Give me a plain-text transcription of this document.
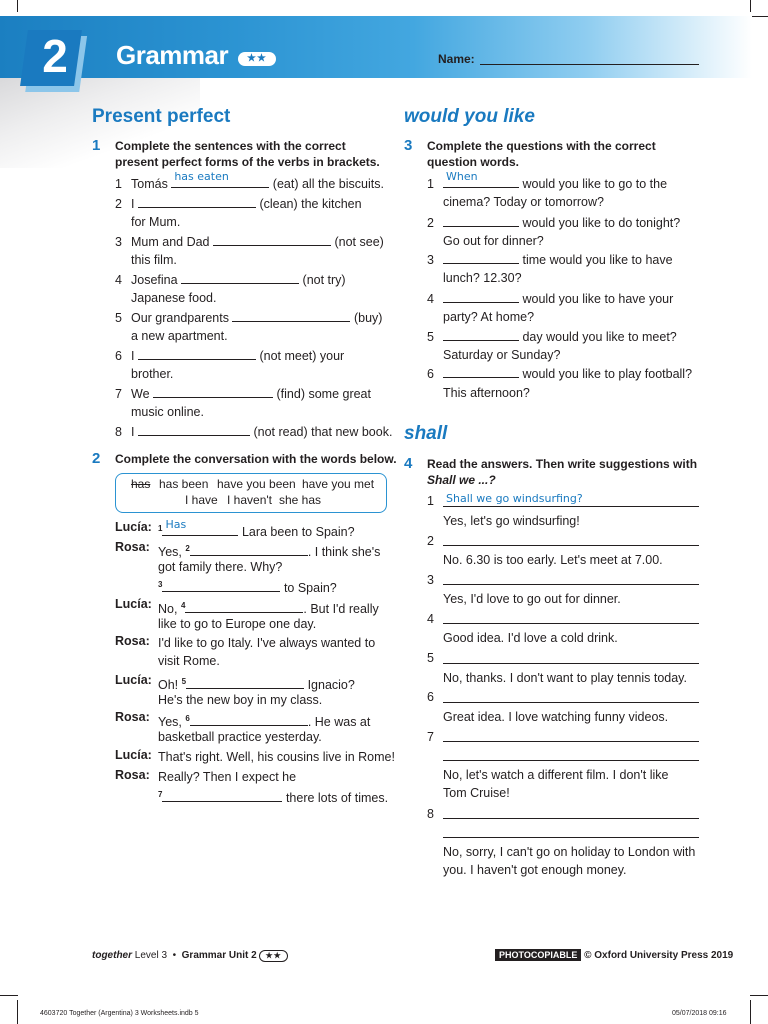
2	Grammar	★★	Name:
Present perfect
1 Complete the sentences with the correct
present perfect forms of the verbs in brackets.
1 Tomás
has eaten
(eat) all the biscuits.
2 I	(clean) the kitchen
for Mum.
3 Mum and Dad	(not see)
this film.
4 Josefina	(not try)
Japanese food.
5 Our grandparents	(buy)
a new apartment.
6 I	(not meet) your
brother.
7 We	(find) some great
music online.
8 I	(not read) that new book.
2 Complete the conversation with the words below.
has has been have you been have you met
I have I haven't she has
Lucía: $^1$ Has
Lara been to Spain?
Rosa: Yes, $^2$	. I think she's
got family there. Why?
$^3$	to Spain?
Lucía: No, $^4$	. But I'd really
like to go to Europe one day.
Rosa: I'd like to go Italy. I've always wanted to
visit Rome.
Lucía: Oh! $^5$	Ignacio?
He's the new boy in my class.
Rosa: Yes, $^6$	. He was at
basketball practice yesterday.
Lucía: That's right. Well, his cousins live in Rome!
Rosa: Really? Then I expect he
$^7$	there lots of times.
would you like
3 Complete the questions with the correct
question words.
1
When
would you like to go to the
cinema? Today or tomorrow?
2	would you like to do tonight?
Go out for dinner?
3	time would you like to have
lunch? 12.30?
4	would you like to have your
party? At home?
5	day would you like to meet?
Saturday or Sunday?
6	would you like to play football?
This afternoon?
shall
4 Read the answers. Then write suggestions with
Shall we ...?
1 Shall we go windsurfing?
Yes, let's go windsurfing!
2
No. 6.30 is too early. Let's meet at 7.00.
3
Yes, I'd love to go out for dinner.
4
Good idea. I'd love a cold drink.
5
No, thanks. I don't want to play tennis today.
6
Great idea. I love watching funny videos.
7
No, let's watch a different film. I don't like
Tom Cruise!
8
No, sorry, I can't go on holiday to London with
you. I haven't got enough money.
together Level 3  •  Grammar Unit 2 ★★	PHOTOCOPIABLE © Oxford University Press 2019
4603720 Together (Argentina) 3 Worksheets.indb 5	05/07/2018 09:16
